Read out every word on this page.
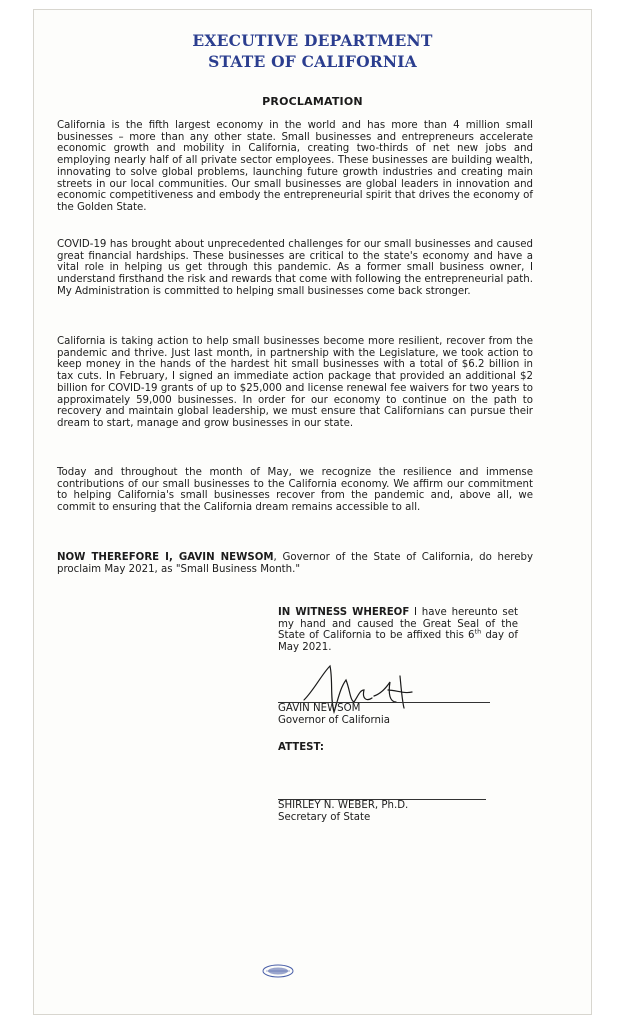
EXECUTIVE DEPARTMENT
STATE OF CALIFORNIA
PROCLAMATION

California is the fifth largest economy in the world and has more than 4 million small businesses – more than any other state. Small businesses and entrepreneurs accelerate economic growth and mobility in California, creating two-thirds of net new jobs and employing nearly half of all private sector employees. These businesses are building wealth, innovating to solve global problems, launching future growth industries and creating main streets in our local communities. Our small businesses are global leaders in innovation and economic competitiveness and embody the entrepreneurial spirit that drives the economy of the Golden State.

COVID-19 has brought about unprecedented challenges for our small businesses and caused great financial hardships. These businesses are critical to the state's economy and have a vital role in helping us get through this pandemic. As a former small business owner, I understand firsthand the risk and rewards that come with following the entrepreneurial path. My Administration is committed to helping small businesses come back stronger.

California is taking action to help small businesses become more resilient, recover from the pandemic and thrive. Just last month, in partnership with the Legislature, we took action to keep money in the hands of the hardest hit small businesses with a total of $6.2 billion in tax cuts. In February, I signed an immediate action package that provided an additional $2 billion for COVID-19 grants of up to $25,000 and license renewal fee waivers for two years to approximately 59,000 businesses. In order for our economy to continue on the path to recovery and maintain global leadership, we must ensure that Californians can pursue their dream to start, manage and grow businesses in our state.

Today and throughout the month of May, we recognize the resilience and immense contributions of our small businesses to the California economy. We affirm our commitment to helping California's small businesses recover from the pandemic and, above all, we commit to ensuring that the California dream remains accessible to all.

NOW THEREFORE I, GAVIN NEWSOM, Governor of the State of California, do hereby proclaim May 2021, as "Small Business Month."

IN WITNESS WHEREOF I have hereunto set my hand and caused the Great Seal of the State of California to be affixed this 6th day of May 2021.

GAVIN NEWSOM

Governor of California

ATTEST:

SHIRLEY N. WEBER, Ph.D.

Secretary of State
